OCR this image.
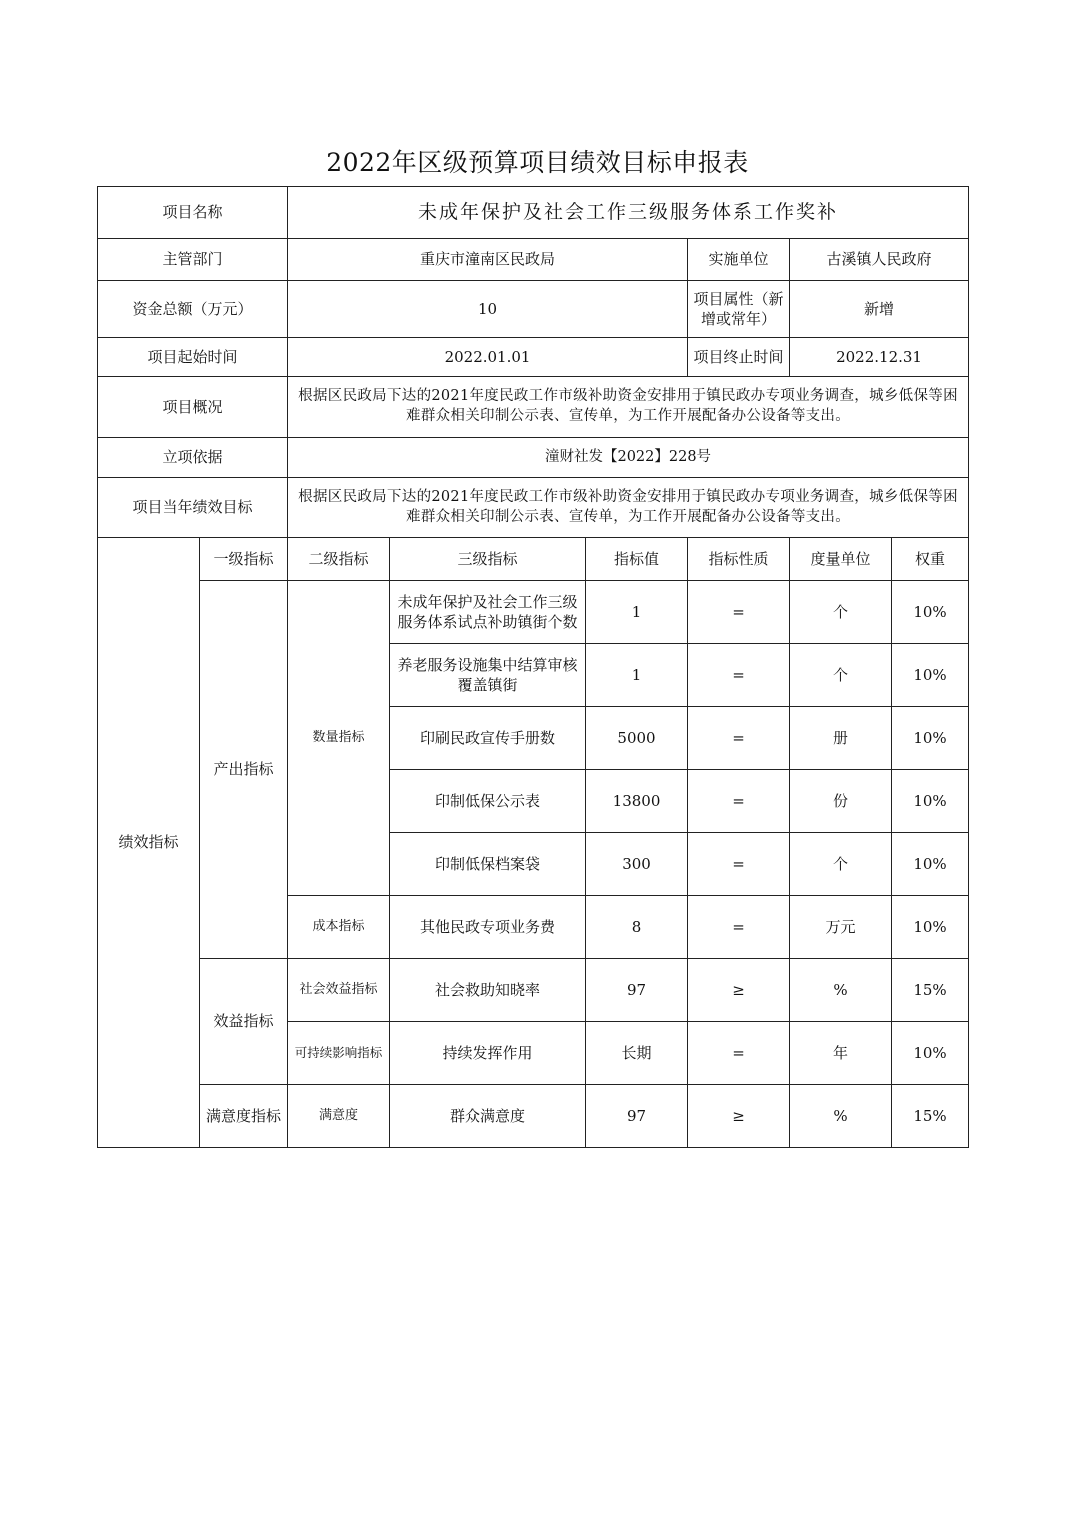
2022年区级预算项目绩效目标申报表
项目名称		未成年保护及社会工作三级服务体系工作奖补					
主管部门		重庆市潼南区民政局			实施单位	古溪镇人民政府	
资金总额（万元）		10			项目属性（新增或常年）	新增	
项目起始时间		2022.01.01			项目终止时间	2022.12.31	
项目概况		根据区民政局下达的2021年度民政工作市级补助资金安排用于镇民政办专项业务调查，城乡低保等困难群众相关印制公示表、宣传单，为工作开展配备办公设备等支出。					
立项依据		潼财社发【2022】228号					
项目当年绩效目标		根据区民政局下达的2021年度民政工作市级补助资金安排用于镇民政办专项业务调查，城乡低保等困难群众相关印制公示表、宣传单，为工作开展配备办公设备等支出。					
绩效指标	一级指标	二级指标	三级指标	指标值	指标性质	度量单位	权重
	产出指标	数量指标	未成年保护及社会工作三级服务体系试点补助镇街个数	1	=	个	10%
			养老服务设施集中结算审核覆盖镇街	1	=	个	10%
			印刷民政宣传手册数	5000	=	册	10%
			印制低保公示表	13800	=	份	10%
			印制低保档案袋	300	=	个	10%
		成本指标	其他民政专项业务费	8	=	万元	10%
	效益指标	社会效益指标	社会救助知晓率	97	≥	%	15%
		可持续影响指标	持续发挥作用	长期	=	年	10%
	满意度指标	满意度	群众满意度	97	≥	%	15%
